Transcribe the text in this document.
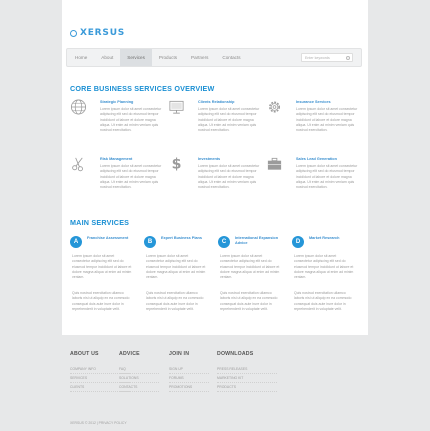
XERSUS
Home	About	Services	Products	Partners	Contacts	Enter keywords
CORE BUSINESS SERVICES OVERVIEW
Strategic Planning
Lorem ipsum dolor sit amet consectetur adipiscing elit sed do eiusmod tempor incididunt ut labore et dolore magna aliqua. Ut enim ad minim veniam quis nostrud exercitation.
Clients Relationship
Lorem ipsum dolor sit amet consectetur adipiscing elit sed do eiusmod tempor incididunt ut labore et dolore magna aliqua. Ut enim ad minim veniam quis nostrud exercitation.
Insurance Services
Lorem ipsum dolor sit amet consectetur adipiscing elit sed do eiusmod tempor incididunt ut labore et dolore magna aliqua. Ut enim ad minim veniam quis nostrud exercitation.
Risk Management
Lorem ipsum dolor sit amet consectetur adipiscing elit sed do eiusmod tempor incididunt ut labore et dolore magna aliqua. Ut enim ad minim veniam quis nostrud exercitation.
$	Investments
Lorem ipsum dolor sit amet consectetur adipiscing elit sed do eiusmod tempor incididunt ut labore et dolore magna aliqua. Ut enim ad minim veniam quis nostrud exercitation.
Sales Lead Generation
Lorem ipsum dolor sit amet consectetur adipiscing elit sed do eiusmod tempor incididunt ut labore et dolore magna aliqua. Ut enim ad minim veniam quis nostrud exercitation.
MAIN SERVICES
A
Franchise Assessment
Lorem ipsum dolor sit amet consectetur adipiscing elit sed do eiusmod tempor incididunt ut labore et dolore magna aliqua ut enim ad minim veniam.
Quis nostrud exercitation ullamco laboris nisi ut aliquip ex ea commodo consequat duis aute irure dolor in reprehenderit in voluptate velit.
B
Expert Business Plans
Lorem ipsum dolor sit amet consectetur adipiscing elit sed do eiusmod tempor incididunt ut labore et dolore magna aliqua ut enim ad minim veniam.
Quis nostrud exercitation ullamco laboris nisi ut aliquip ex ea commodo consequat duis aute irure dolor in reprehenderit in voluptate velit.
C
International Expansion Advice
Lorem ipsum dolor sit amet consectetur adipiscing elit sed do eiusmod tempor incididunt ut labore et dolore magna aliqua ut enim ad minim veniam.
Quis nostrud exercitation ullamco laboris nisi ut aliquip ex ea commodo consequat duis aute irure dolor in reprehenderit in voluptate velit.
D
Market Research
Lorem ipsum dolor sit amet consectetur adipiscing elit sed do eiusmod tempor incididunt ut labore et dolore magna aliqua ut enim ad minim veniam.
Quis nostrud exercitation ullamco laboris nisi ut aliquip ex ea commodo consequat duis aute irure dolor in reprehenderit in voluptate velit.
ABOUT US
COMPANY INFO
SERVICES
CLIENTS
ADVICE
FAQ
SOLUTIONS
CONTACTS
JOIN IN
SIGN UP
FORUMS
PROMOTIONS
DOWNLOADS
PRESS RELEASES
MARKETING KIT
PRODUCTS
XERSUS © 2012 | PRIVACY POLICY
